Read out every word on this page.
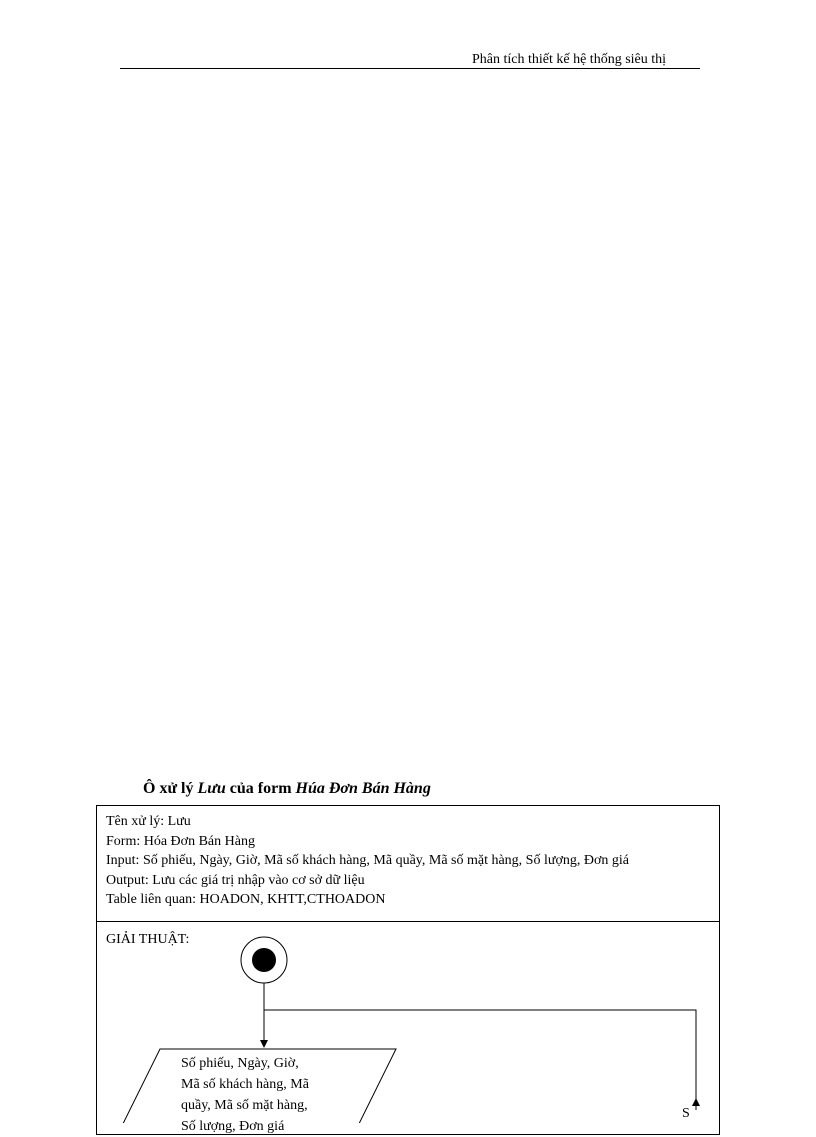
Phân tích thiết kế hệ thống siêu thị
Ô xử lý Lưu của form Húa Đơn Bán Hàng
Tên xử lý: Lưu
Form: Hóa Đơn Bán Hàng
Input: Số phiếu, Ngày, Giờ, Mã số khách hàng, Mã quầy, Mã số mặt hàng, Số lượng, Đơn giá
Output: Lưu các giá trị nhập vào cơ sở dữ liệu
Table liên quan: HOADON, KHTT,CTHOADON
GIẢI THUẬT:
Số phiếu, Ngày, Giờ,
Mã số khách hàng, Mã
quầy, Mã số mặt hàng,
Số lượng, Đơn giá
S
